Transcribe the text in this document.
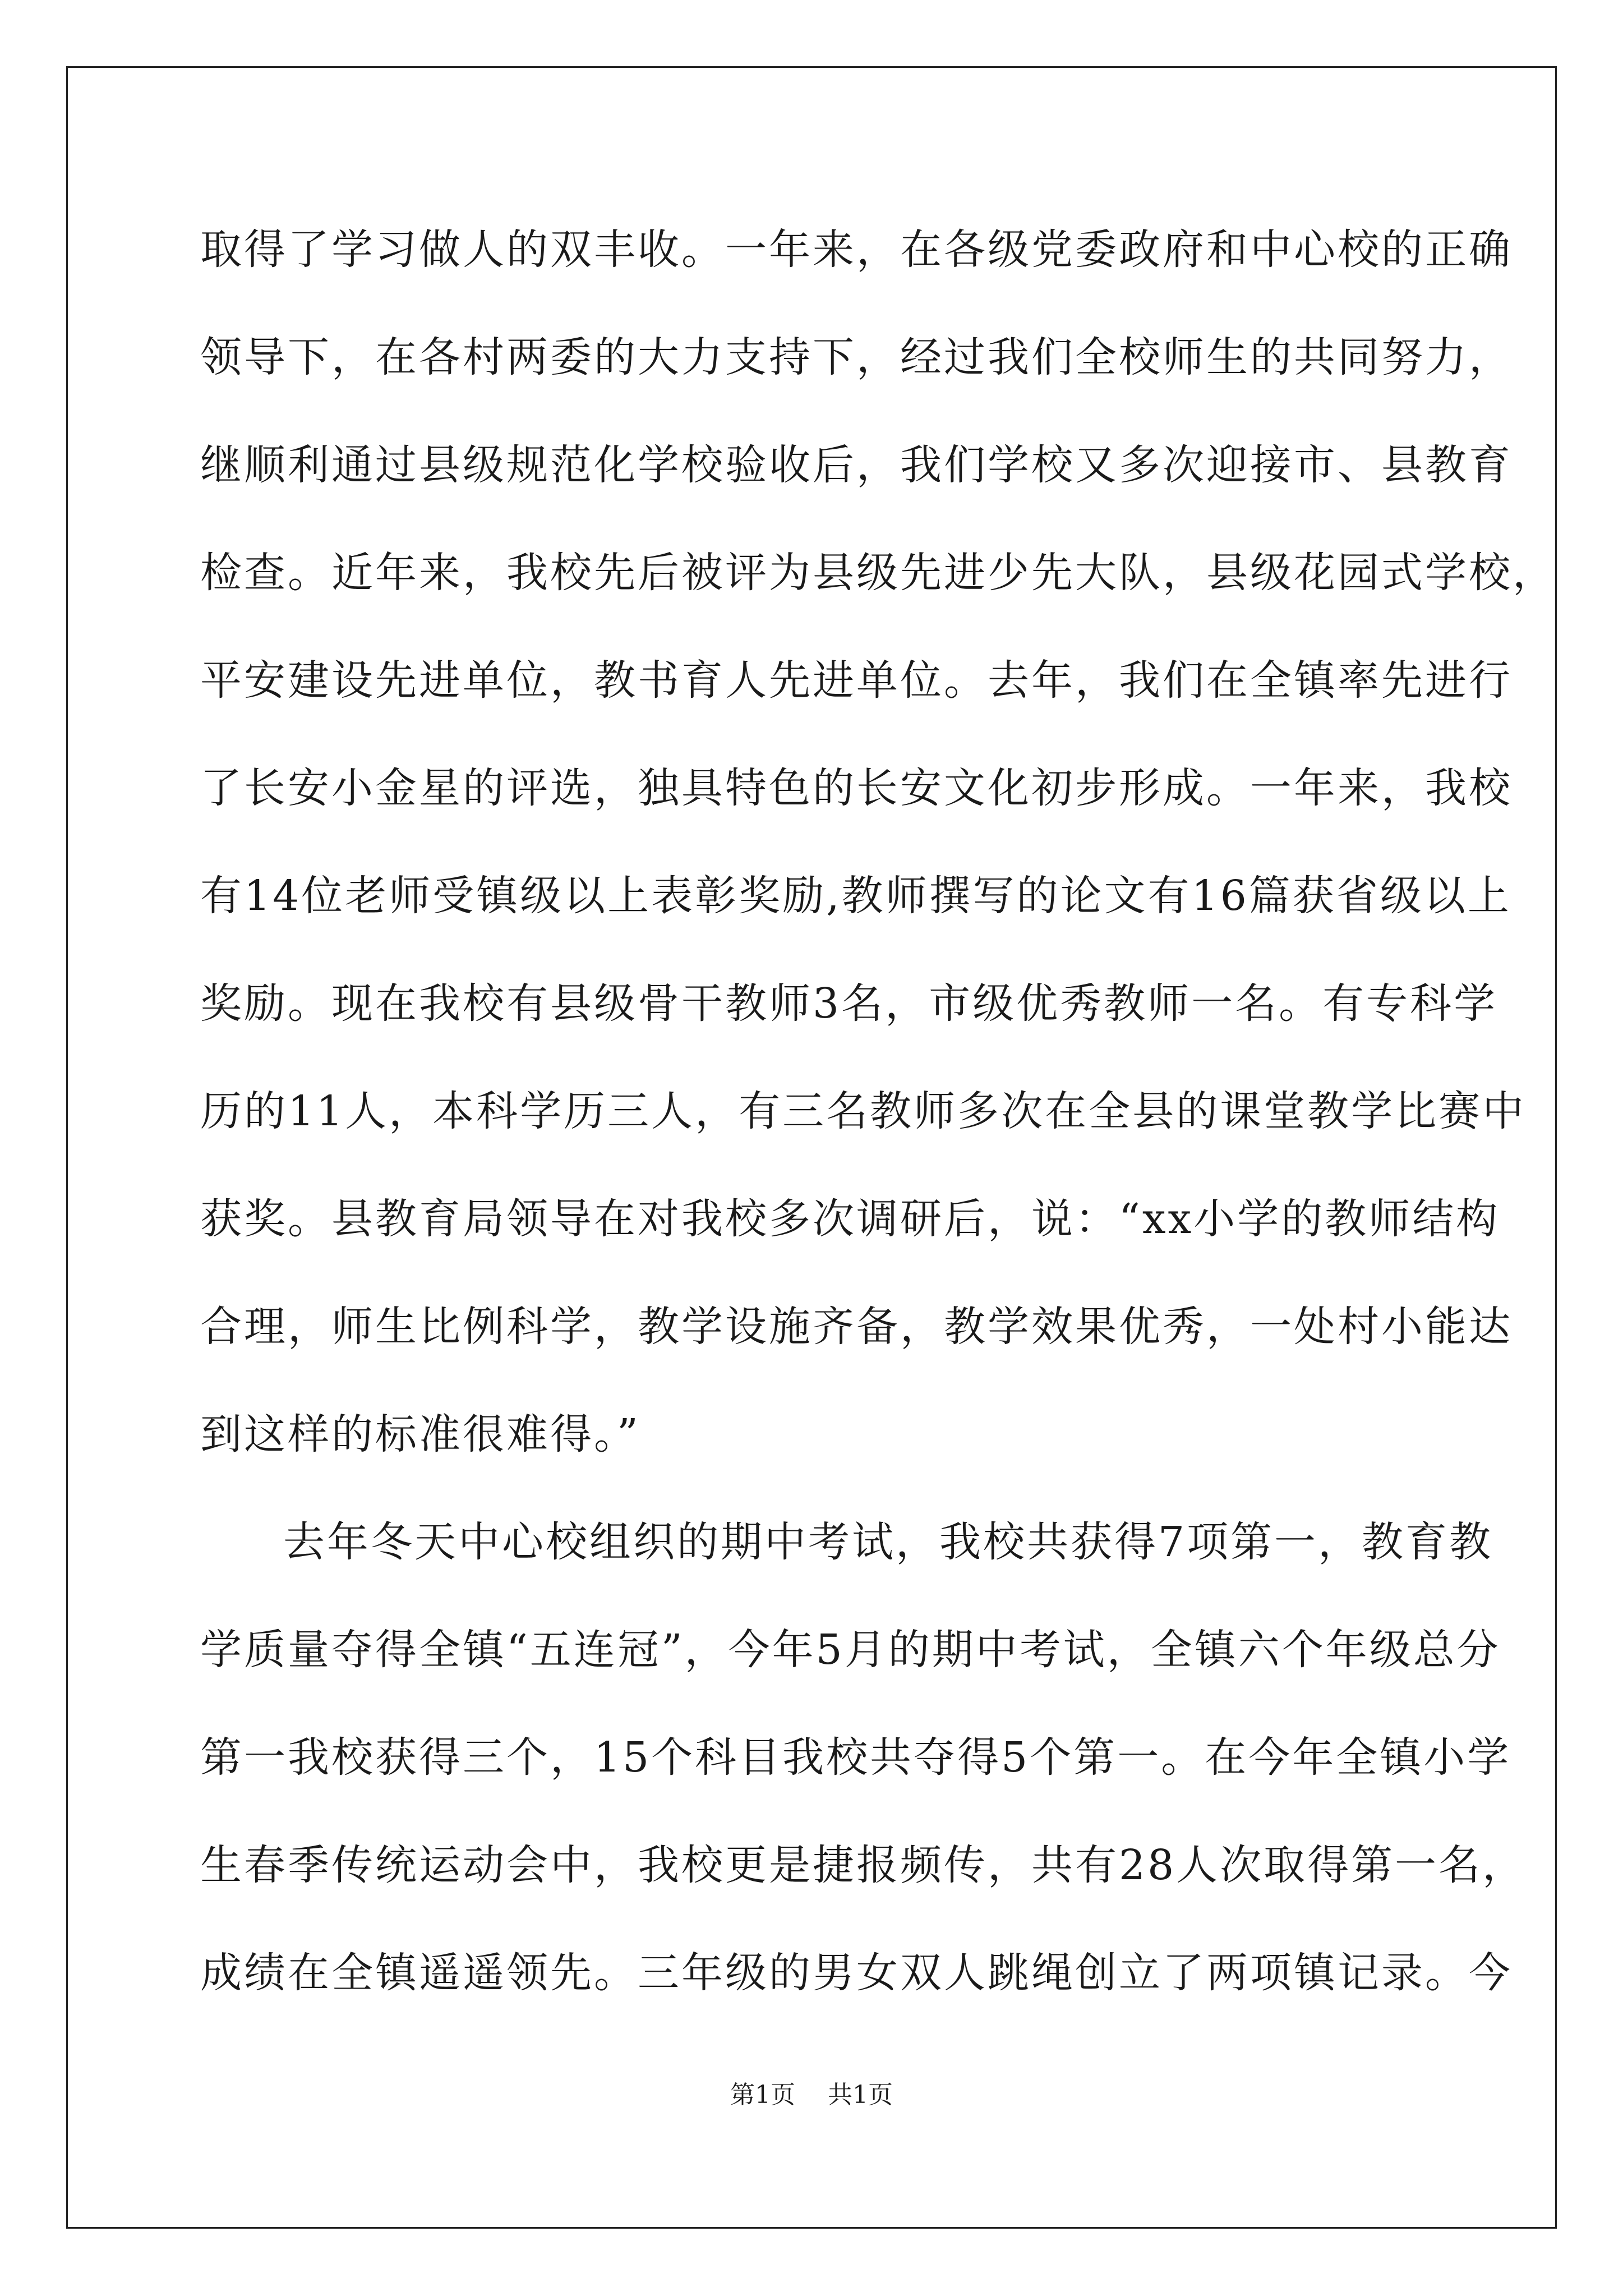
取得了学习做人的双丰收。一年来，在各级党委政府和中心校的正确
领导下，在各村两委的大力支持下，经过我们全校师生的共同努力，
继顺利通过县级规范化学校验收后，我们学校又多次迎接市、县教育
检查。近年来，我校先后被评为县级先进少先大队，县级花园式学校，
平安建设先进单位，教书育人先进单位。去年，我们在全镇率先进行
了长安小金星的评选，独具特色的长安文化初步形成。一年来，我校
有14位老师受镇级以上表彰奖励,教师撰写的论文有16篇获省级以上
奖励。现在我校有县级骨干教师3名，市级优秀教师一名。有专科学
历的11人，本科学历三人，有三名教师多次在全县的课堂教学比赛中
获奖。县教育局领导在对我校多次调研后，说：“xx小学的教师结构
合理，师生比例科学，教学设施齐备，教学效果优秀，一处村小能达
到这样的标准很难得。”
去年冬天中心校组织的期中考试，我校共获得7项第一，教育教
学质量夺得全镇“五连冠”，今年5月的期中考试，全镇六个年级总分
第一我校获得三个，15个科目我校共夺得5个第一。在今年全镇小学
生春季传统运动会中，我校更是捷报频传，共有28人次取得第一名，
成绩在全镇遥遥领先。三年级的男女双人跳绳创立了两项镇记录。今
第1页 共1页
